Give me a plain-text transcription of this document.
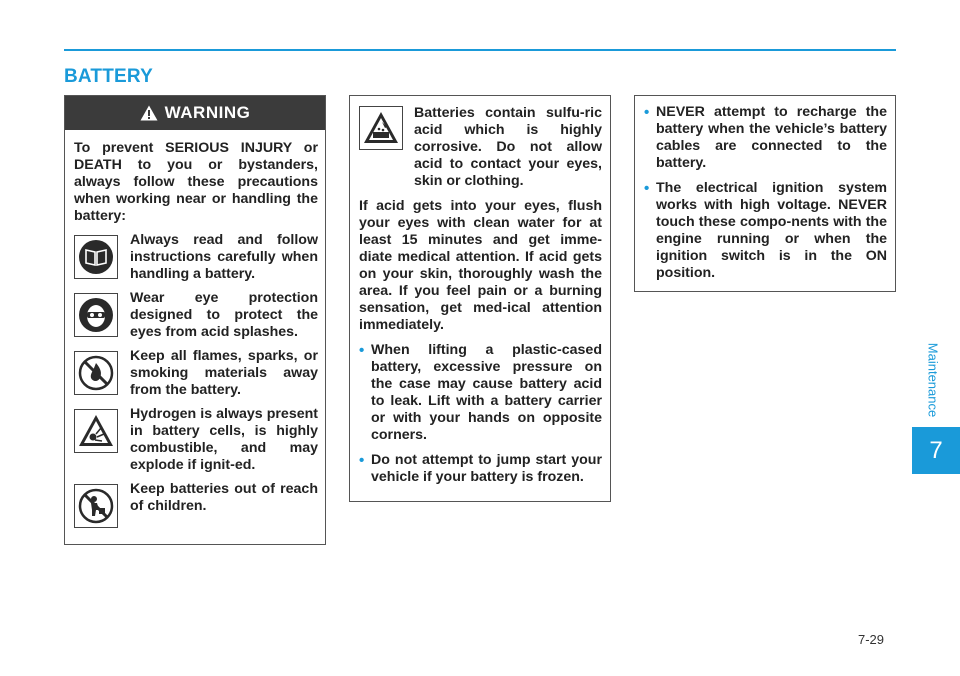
BATTERY
Maintenance
7
7-29
WARNING
To prevent SERIOUS INJURY or DEATH to you or bystanders, always follow these precautions when working near or handling the battery:
Always read and follow instructions carefully when handling a battery.
Wear eye protection designed to protect the eyes from acid splashes.
Keep all flames, sparks, or smoking materials away from the battery.
Hydrogen is always present in battery cells, is highly combustible, and may explode if ignit-ed.
Keep batteries out of reach of children.
Batteries contain sulfu-ric acid which is highly corrosive. Do not allow acid to contact your eyes, skin or clothing.
If acid gets into your eyes, flush your eyes with clean water for at least 15 minutes and get imme-diate medical attention. If acid gets on your skin, thoroughly wash the area. If you feel pain or a burning sensation, get med-ical attention immediately.
• When lifting a plastic-cased battery, excessive pressure on the case may cause battery acid to leak. Lift with a battery carrier or with your hands on opposite corners.
• Do not attempt to jump start your vehicle if your battery is frozen.
• NEVER attempt to recharge the battery when the vehicle’s battery cables are connected to the battery.
• The electrical ignition system works with high voltage. NEVER touch these compo-nents with the engine running or when the ignition switch is in the ON position.
